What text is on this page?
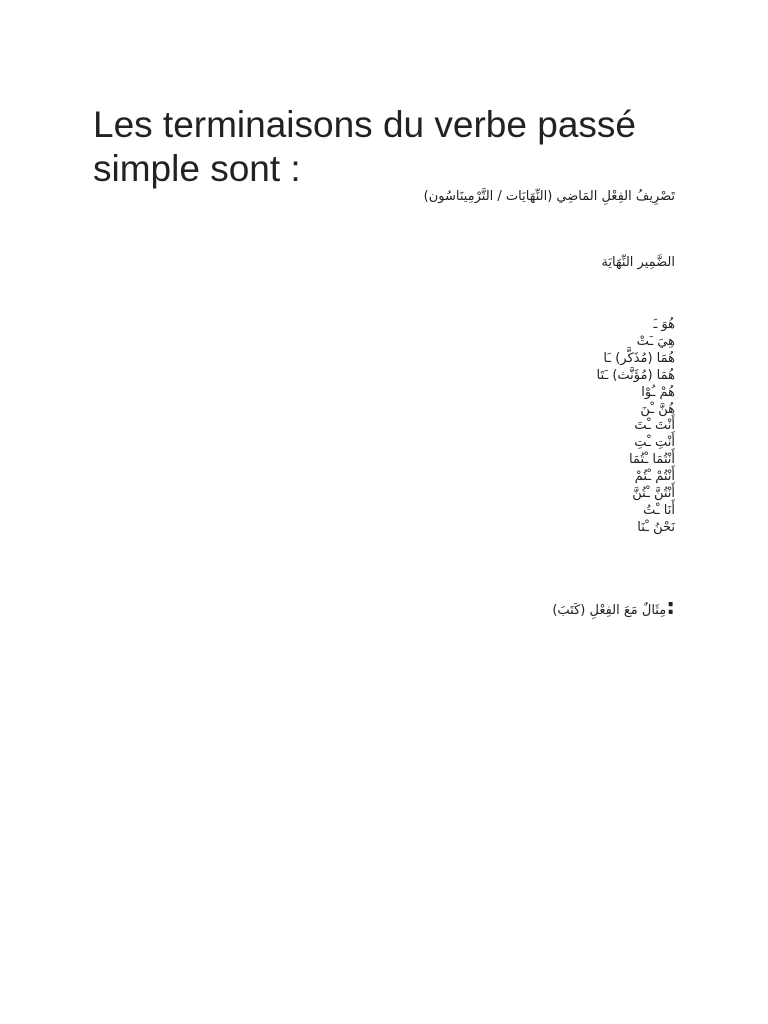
Les terminaisons du verbe passé simple sont :
تَصْرِيفُ الفِعْلِ المَاضِي (النِّهَايَات / التَّرْمِينَاسُون)
الضَّمِير النِّهَايَة
هُوَ ـَ
هِيَ ـَتْ
هُمَا (مُذَكَّر) ـَا
هُمَا (مُؤَنَّث) ـَتَا
هُمْ ـُوْا
هُنَّ ـْنَ
أَنْتَ ـْتَ
أَنْتِ ـْتِ
أَنْتُمَا ـْتُمَا
أَنْتُمْ ـْتُمْ
أَنْتُنَّ ـْتُنَّ
أَنَا ـْتُ
نَحْنُ ـْنَا
:مِثَالٌ مَعَ الفِعْلِ (كَتَبَ)
